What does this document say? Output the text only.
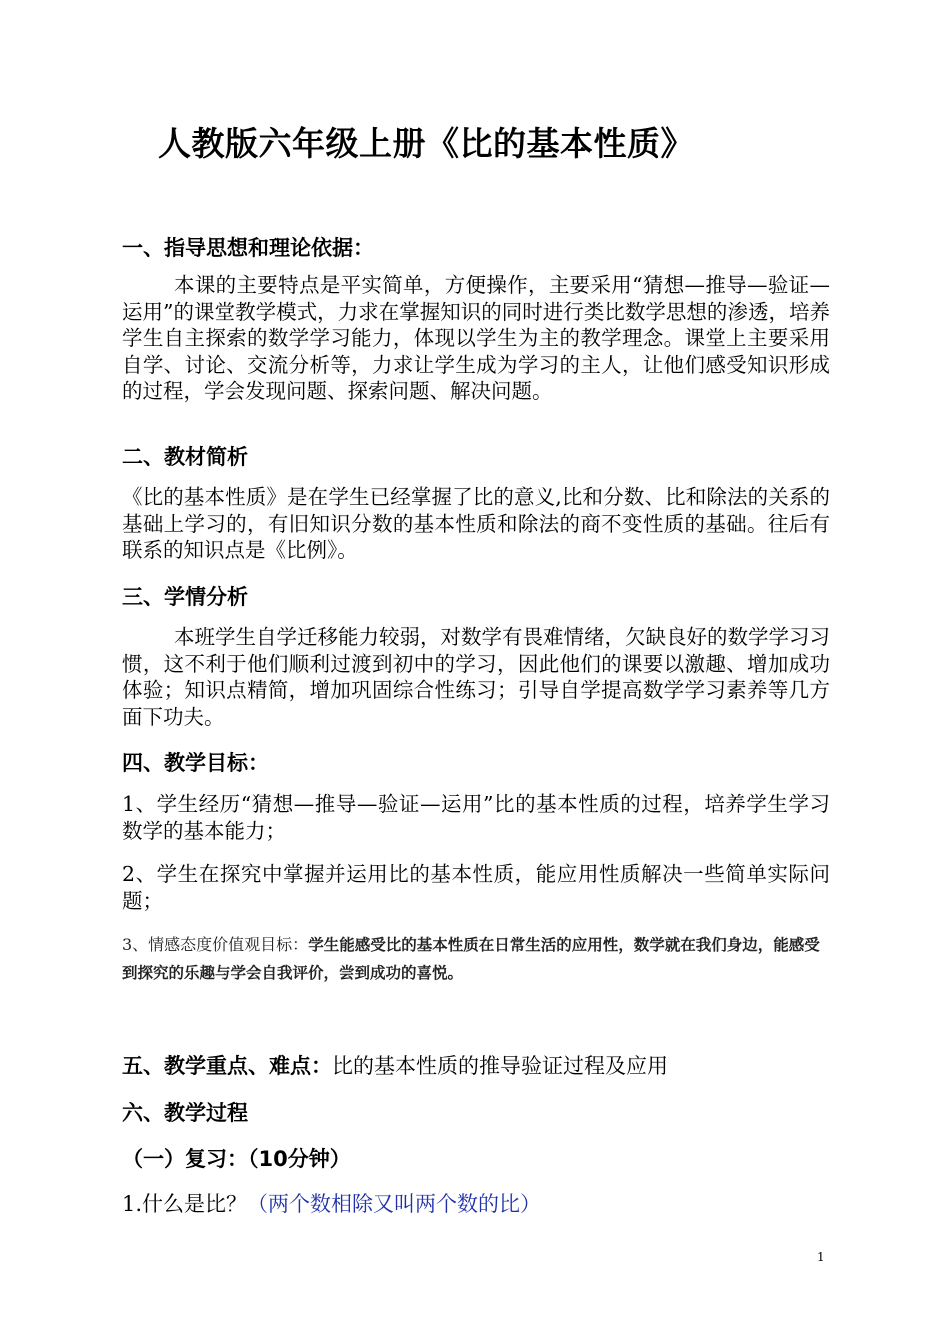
人教版六年级上册《比的基本性质》
一、指导思想和理论依据：
本课的主要特点是平实简单，方便操作，主要采用“猜想—推导—验证—运用”的课堂教学模式，力求在掌握知识的同时进行类比数学思想的渗透，培养学生自主探索的数学学习能力，体现以学生为主的教学理念。课堂上主要采用自学、讨论、交流分析等，力求让学生成为学习的主人，让他们感受知识形成的过程，学会发现问题、探索问题、解决问题。
二、教材简析
《比的基本性质》是在学生已经掌握了比的意义,比和分数、比和除法的关系的基础上学习的，有旧知识分数的基本性质和除法的商不变性质的基础。往后有联系的知识点是《比例》。
三、学情分析
本班学生自学迁移能力较弱，对数学有畏难情绪，欠缺良好的数学学习习惯，这不利于他们顺利过渡到初中的学习，因此他们的课要以激趣、增加成功体验；知识点精简，增加巩固综合性练习；引导自学提高数学学习素养等几方面下功夫。
四、教学目标：
1、学生经历“猜想—推导—验证—运用”比的基本性质的过程，培养学生学习数学的基本能力；
2、学生在探究中掌握并运用比的基本性质，能应用性质解决一些简单实际问题；
3、情感态度价值观目标：学生能感受比的基本性质在日常生活的应用性，数学就在我们身边，能感受到探究的乐趣与学会自我评价，尝到成功的喜悦。
五、教学重点、难点：比的基本性质的推导验证过程及应用
六、教学过程
（一）复习：（10分钟）
1.什么是比？（两个数相除又叫两个数的比）
1
